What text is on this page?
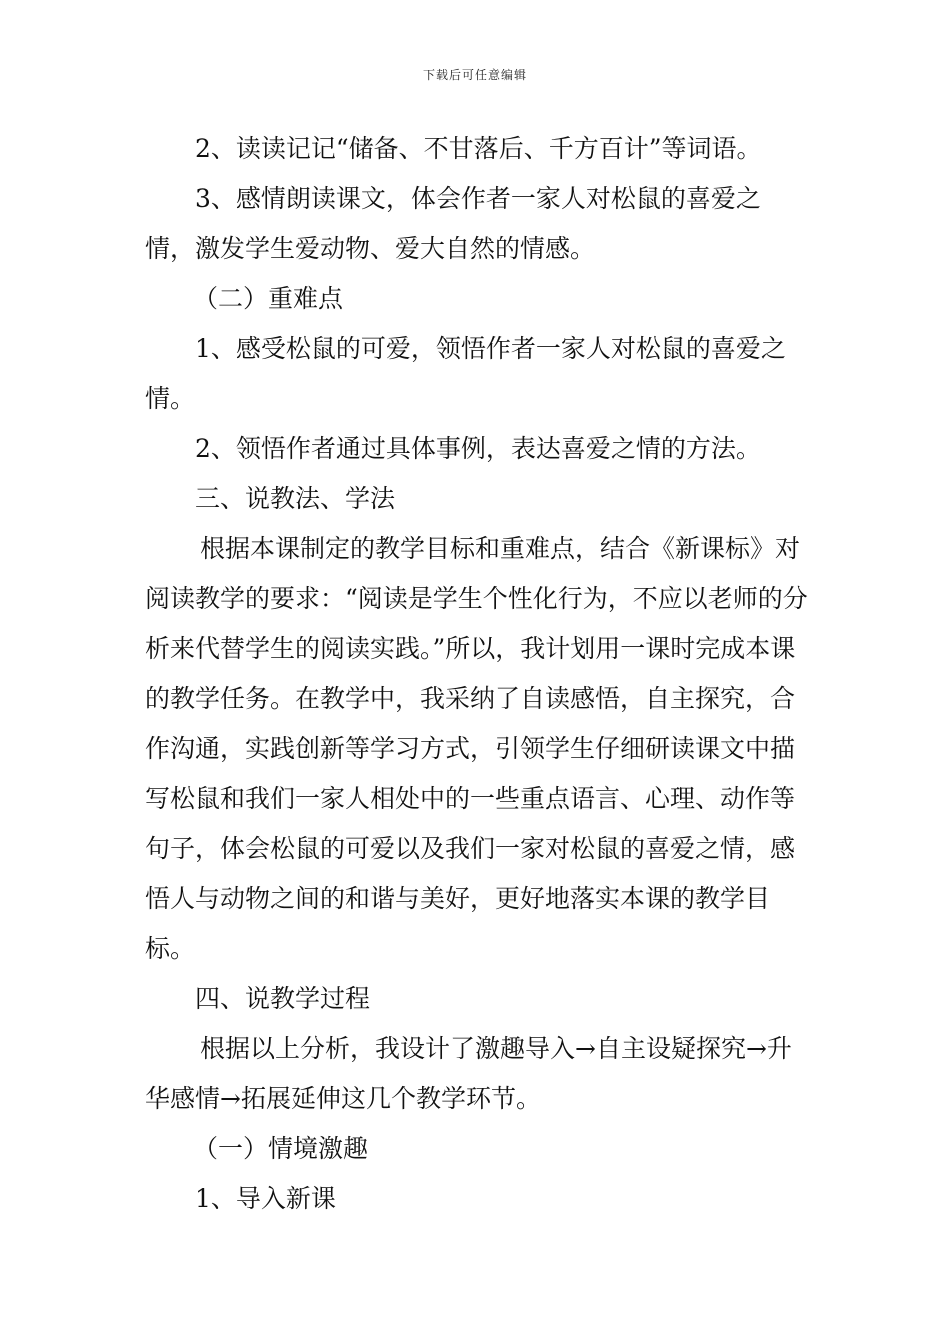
下载后可任意编辑

2、读读记记“储备、不甘落后、千方百计”等词语。

3、感情朗读课文，体会作者一家人对松鼠的喜爱之情，激发学生爱动物、爱大自然的情感。

（二）重难点

1、感受松鼠的可爱，领悟作者一家人对松鼠的喜爱之情。

2、领悟作者通过具体事例，表达喜爱之情的方法。

三、说教法、学法

根据本课制定的教学目标和重难点，结合《新课标》对阅读教学的要求：“阅读是学生个性化行为，不应以老师的分析来代替学生的阅读实践。”所以，我计划用一课时完成本课的教学任务。在教学中，我采纳了自读感悟，自主探究，合作沟通，实践创新等学习方式，引领学生仔细研读课文中描写松鼠和我们一家人相处中的一些重点语言、心理、动作等句子，体会松鼠的可爱以及我们一家对松鼠的喜爱之情，感悟人与动物之间的和谐与美好，更好地落实本课的教学目标。

四、说教学过程

根据以上分析，我设计了激趣导入→自主设疑探究→升华感情→拓展延伸这几个教学环节。

（一）情境激趣

1、导入新课
